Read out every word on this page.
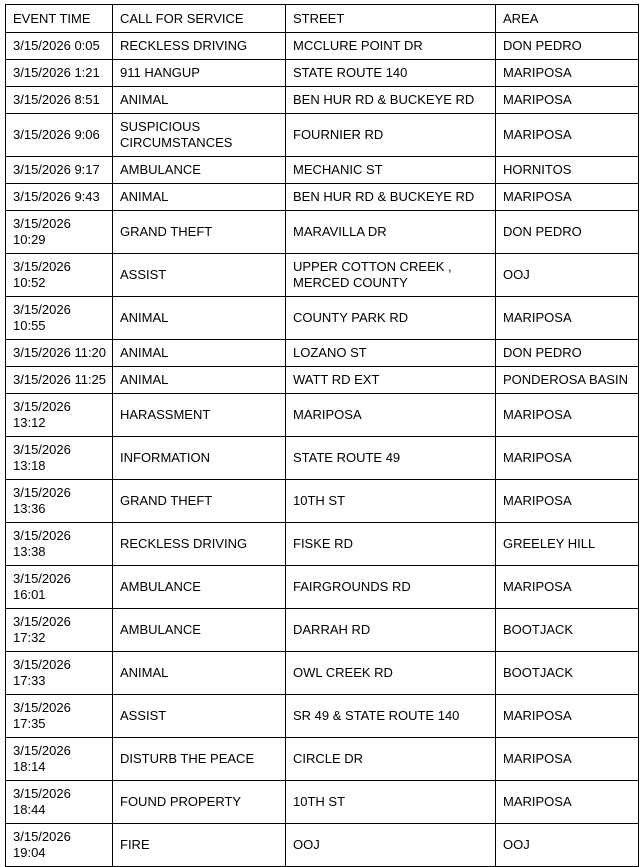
EVENT TIME	CALL FOR SERVICE	STREET	AREA
3/15/2026 0:05	RECKLESS DRIVING	MCCLURE POINT DR	DON PEDRO
3/15/2026 1:21	911 HANGUP	STATE ROUTE 140	MARIPOSA
3/15/2026 8:51	ANIMAL	BEN HUR RD & BUCKEYE RD	MARIPOSA
3/15/2026 9:06	SUSPICIOUS CIRCUMSTANCES	FOURNIER RD	MARIPOSA
3/15/2026 9:17	AMBULANCE	MECHANIC ST	HORNITOS
3/15/2026 9:43	ANIMAL	BEN HUR RD & BUCKEYE RD	MARIPOSA
3/15/2026 10:29	GRAND THEFT	MARAVILLA DR	DON PEDRO
3/15/2026 10:52	ASSIST	UPPER COTTON CREEK , MERCED COUNTY	OOJ
3/15/2026 10:55	ANIMAL	COUNTY PARK RD	MARIPOSA
3/15/2026 11:20	ANIMAL	LOZANO ST	DON PEDRO
3/15/2026 11:25	ANIMAL	WATT RD EXT	PONDEROSA BASIN
3/15/2026 13:12	HARASSMENT	MARIPOSA	MARIPOSA
3/15/2026 13:18	INFORMATION	STATE ROUTE 49	MARIPOSA
3/15/2026 13:36	GRAND THEFT	10TH ST	MARIPOSA
3/15/2026 13:38	RECKLESS DRIVING	FISKE RD	GREELEY HILL
3/15/2026 16:01	AMBULANCE	FAIRGROUNDS RD	MARIPOSA
3/15/2026 17:32	AMBULANCE	DARRAH RD	BOOTJACK
3/15/2026 17:33	ANIMAL	OWL CREEK RD	BOOTJACK
3/15/2026 17:35	ASSIST	SR 49 & STATE ROUTE 140	MARIPOSA
3/15/2026 18:14	DISTURB THE PEACE	CIRCLE DR	MARIPOSA
3/15/2026 18:44	FOUND PROPERTY	10TH ST	MARIPOSA
3/15/2026 19:04	FIRE	OOJ	OOJ
